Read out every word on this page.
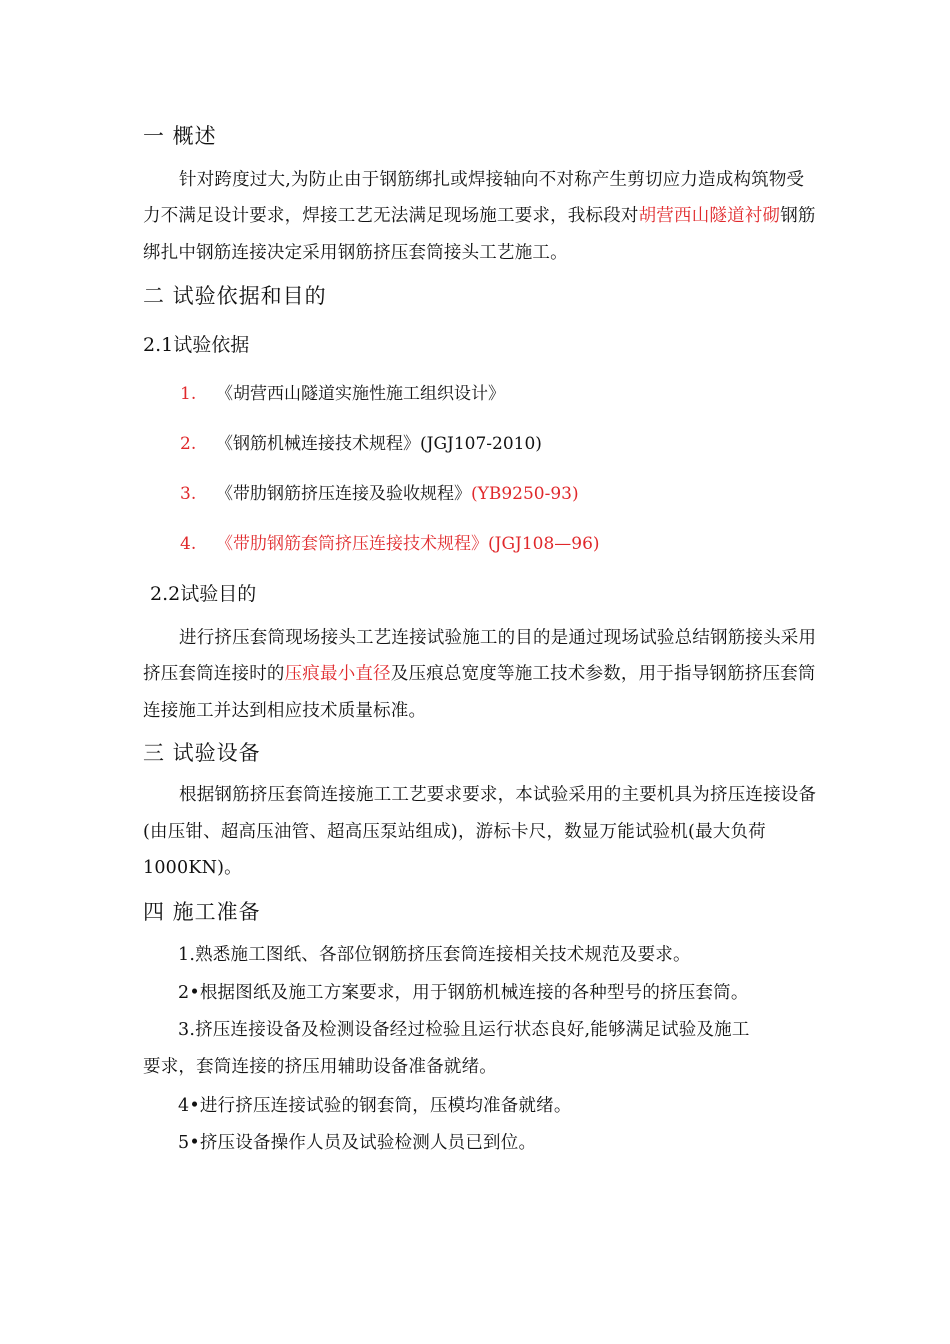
一 概述
针对跨度过大,为防止由于钢筋绑扎或焊接轴向不对称产生剪切应力造成构筑物受
力不满足设计要求，焊接工艺无法满足现场施工要求，我标段对胡营西山隧道衬砌钢筋
绑扎中钢筋连接决定采用钢筋挤压套筒接头工艺施工。
二 试验依据和目的
2.1试验依据
1. 《胡营西山隧道实施性施工组织设计》
2. 《钢筋机械连接技术规程》(JGJ107-2010)
3. 《带肋钢筋挤压连接及验收规程》(YB9250-93)
4. 《带肋钢筋套筒挤压连接技术规程》(JGJ108—96)
2.2试验目的
进行挤压套筒现场接头工艺连接试验施工的目的是通过现场试验总结钢筋接头采用
挤压套筒连接时的压痕最小直径及压痕总宽度等施工技术参数，用于指导钢筋挤压套筒
连接施工并达到相应技术质量标准。
三 试验设备
根据钢筋挤压套筒连接施工工艺要求要求，本试验采用的主要机具为挤压连接设备
(由压钳、超高压油管、超高压泵站组成)，游标卡尺，数显万能试验机(最大负荷
1000KN)。
四 施工准备
1.熟悉施工图纸、各部位钢筋挤压套筒连接相关技术规范及要求。
2•根据图纸及施工方案要求，用于钢筋机械连接的各种型号的挤压套筒。
3.挤压连接设备及检测设备经过检验且运行状态良好,能够满足试验及施工
要求，套筒连接的挤压用辅助设备准备就绪。
4•进行挤压连接试验的钢套筒，压模均准备就绪。
5•挤压设备操作人员及试验检测人员已到位。
